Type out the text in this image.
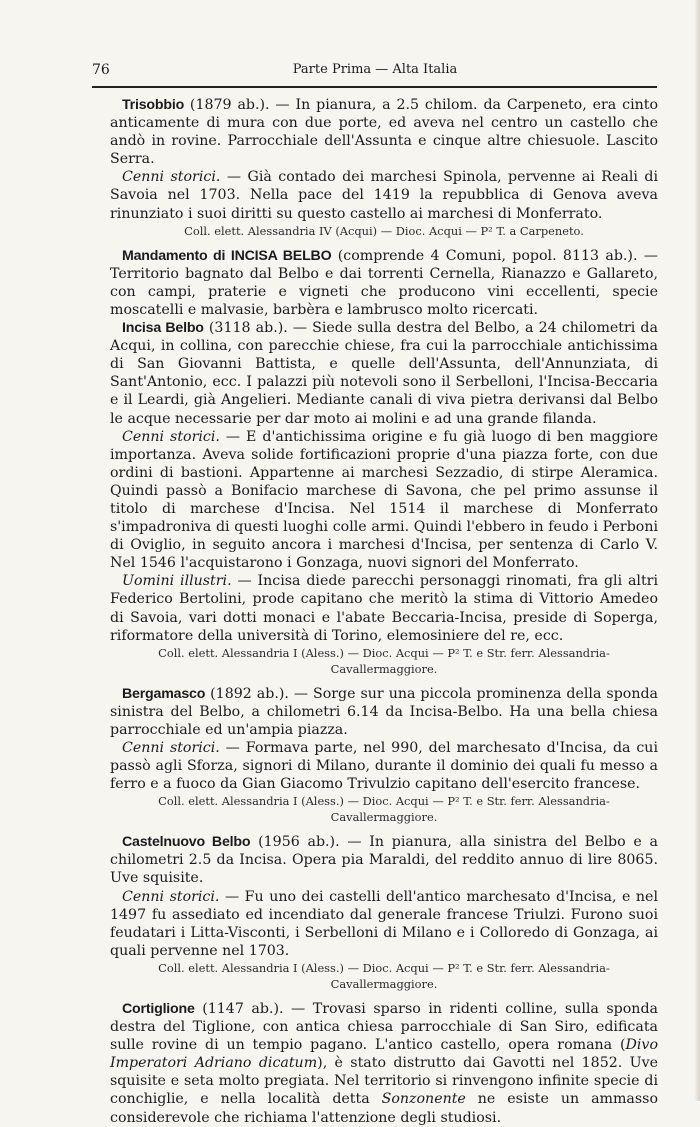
76	Parte Prima — Alta Italia

Trisobbio (1879 ab.). — In pianura, a 2.5 chilom. da Carpeneto, era cinto anticamente di mura con due porte, ed aveva nel centro un castello che andò in rovine. Parrocchiale dell'Assunta e cinque altre chiesuole. Lascito Serra.

Cenni storici. — Già contado dei marchesi Spinola, pervenne ai Reali di Savoia nel 1703. Nella pace del 1419 la repubblica di Genova aveva rinunziato i suoi diritti su questo castello ai marchesi di Monferrato.

Coll. elett. Alessandria IV (Acqui) — Dioc. Acqui — P² T. a Carpeneto.

Mandamento di INCISA BELBO (comprende 4 Comuni, popol. 8113 ab.). — Territorio bagnato dal Belbo e dai torrenti Cernella, Rianazzo e Gallareto, con campi, praterie e vigneti che producono vini eccellenti, specie moscatelli e malvasie, barbèra e lambrusco molto ricercati.

Incisa Belbo (3118 ab.). — Siede sulla destra del Belbo, a 24 chilometri da Acqui, in collina, con parecchie chiese, fra cui la parrocchiale antichissima di San Giovanni Battista, e quelle dell'Assunta, dell'Annunziata, di Sant'Antonio, ecc. I palazzi più notevoli sono il Serbelloni, l'Incisa-Beccaria e il Leardi, già Angelieri. Mediante canali di viva pietra derivansi dal Belbo le acque necessarie per dar moto ai molini e ad una grande filanda.

Cenni storici. — E d'antichissima origine e fu già luogo di ben maggiore importanza. Aveva solide fortificazioni proprie d'una piazza forte, con due ordini di bastioni. Appartenne ai marchesi Sezzadio, di stirpe Aleramica. Quindi passò a Bonifacio marchese di Savona, che pel primo assunse il titolo di marchese d'Incisa. Nel 1514 il marchese di Monferrato s'impadroniva di questi luoghi colle armi. Quindi l'ebbero in feudo i Perboni di Oviglio, in seguito ancora i marchesi d'Incisa, per sentenza di Carlo V. Nel 1546 l'acquistarono i Gonzaga, nuovi signori del Monferrato.

Uomini illustri. — Incisa diede parecchi personaggi rinomati, fra gli altri Federico Bertolini, prode capitano che meritò la stima di Vittorio Amedeo di Savoia, vari dotti monaci e l'abate Beccaria-Incisa, preside di Soperga, riformatore della università di Torino, elemosiniere del re, ecc.

Coll. elett. Alessandria I (Aless.) — Dioc. Acqui — P² T. e Str. ferr. Alessandria-Cavallermaggiore.

Bergamasco (1892 ab.). — Sorge sur una piccola prominenza della sponda sinistra del Belbo, a chilometri 6.14 da Incisa-Belbo. Ha una bella chiesa parrocchiale ed un'ampia piazza.

Cenni storici. — Formava parte, nel 990, del marchesato d'Incisa, da cui passò agli Sforza, signori di Milano, durante il dominio dei quali fu messo a ferro e a fuoco da Gian Giacomo Trivulzio capitano dell'esercito francese.

Coll. elett. Alessandria I (Aless.) — Dioc. Acqui — P² T. e Str. ferr. Alessandria-Cavallermaggiore.

Castelnuovo Belbo (1956 ab.). — In pianura, alla sinistra del Belbo e a chilometri 2.5 da Incisa. Opera pia Maraldi, del reddito annuo di lire 8065. Uve squisite.

Cenni storici. — Fu uno dei castelli dell'antico marchesato d'Incisa, e nel 1497 fu assediato ed incendiato dal generale francese Triulzi. Furono suoi feudatari i Litta-Visconti, i Serbelloni di Milano e i Colloredo di Gonzaga, ai quali pervenne nel 1703.

Coll. elett. Alessandria I (Aless.) — Dioc. Acqui — P² T. e Str. ferr. Alessandria-Cavallermaggiore.

Cortiglione (1147 ab.). — Trovasi sparso in ridenti colline, sulla sponda destra del Tiglione, con antica chiesa parrocchiale di San Siro, edificata sulle rovine di un tempio pagano. L'antico castello, opera romana (Divo Imperatori Adriano dicatum), è stato distrutto dai Gavotti nel 1852. Uve squisite e seta molto pregiata. Nel territorio si rinvengono infinite specie di conchiglie, e nella località detta Sonzonente ne esiste un ammasso considerevole che richiama l'attenzione degli studiosi.
